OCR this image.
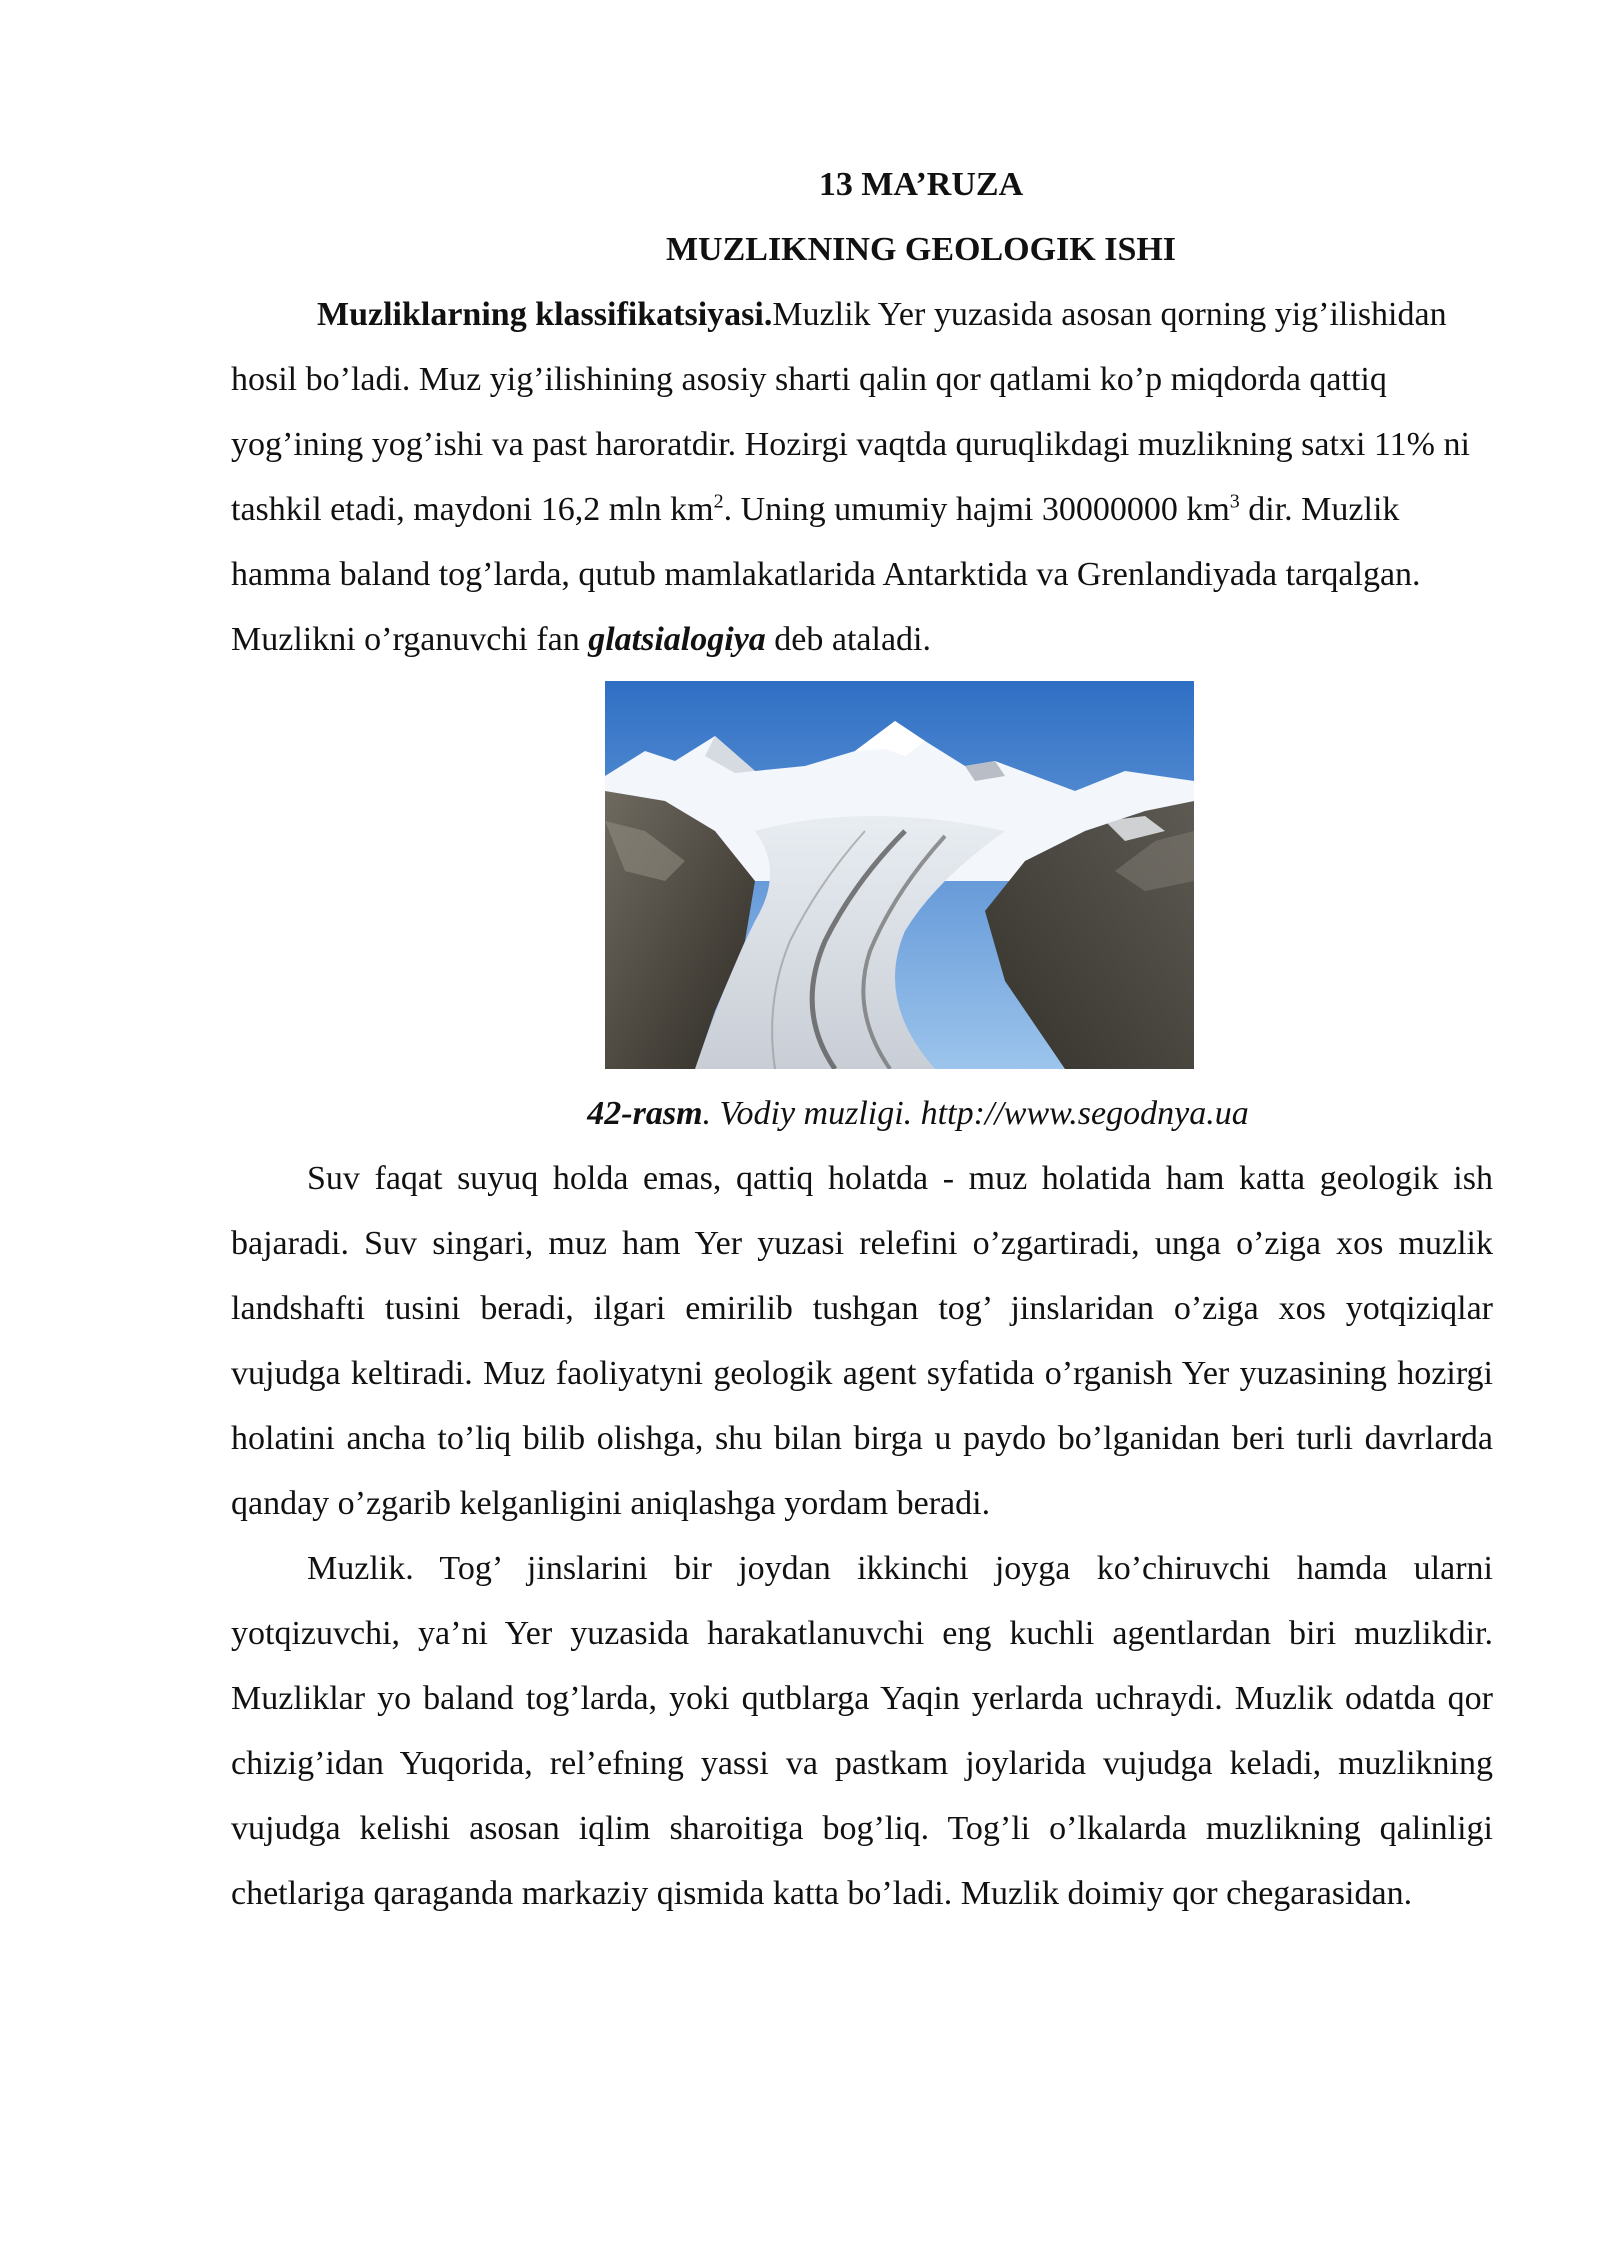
13 MA’RUZA
MUZLIKNING GEOLOGIK ISHI

Muzliklarning klassifikatsiyasi.Muzlik Yer yuzasida asosan qorning yig’ilishidan hosil bo’ladi. Muz yig’ilishining asosiy sharti qalin qor qatlami ko’p miqdorda qattiq yog’ining yog’ishi va past haroratdir. Hozirgi vaqtda quruqlikdagi muzlikning satxi 11% ni tashkil etadi, maydoni 16,2 mln $km^2$. Uning umumiy hajmi 30000000 $km^3$ dir. Muzlik hamma baland tog’larda, qutub mamlakatlarida Antarktida va Grenlandiyada tarqalgan. Muzlikni o’rganuvchi fan glatsialogiya deb ataladi.

42-rasm. Vodiy muzligi. http://www.segodnya.ua

Suv faqat suyuq holda emas, qattiq holatda - muz holatida ham katta geologik ish bajaradi. Suv singari, muz ham Yer yuzasi relefini o’zgartiradi, unga o’ziga xos muzlik landshafti tusini beradi, ilgari emirilib tushgan tog’ jinslaridan o’ziga xos yotqiziqlar vujudga keltiradi. Muz faoliyatyni geologik agent syfatida o’rganish Yer yuzasining hozirgi holatini ancha to’liq bilib olishga, shu bilan birga u paydo bo’lganidan beri turli davrlarda qanday o’zgarib kelganligini aniqlashga yordam beradi.

Muzlik. Tog’ jinslarini bir joydan ikkinchi joyga ko’chiruvchi hamda ularni yotqizuvchi, ya’ni Yer yuzasida harakatlanuvchi eng kuchli agentlardan biri muzlikdir. Muzliklar yo baland tog’larda, yoki qutblarga Yaqin yerlarda uchraydi. Muzlik odatda qor chizig’idan Yuqorida, rel’efning yassi va pastkam joylarida vujudga keladi, muzlikning vujudga kelishi asosan iqlim sharoitiga bog’liq. Tog’li o’lkalarda muzlikning qalinligi chetlariga qaraganda markaziy qismida katta bo’ladi. Muzlik doimiy qor chegarasidan.
